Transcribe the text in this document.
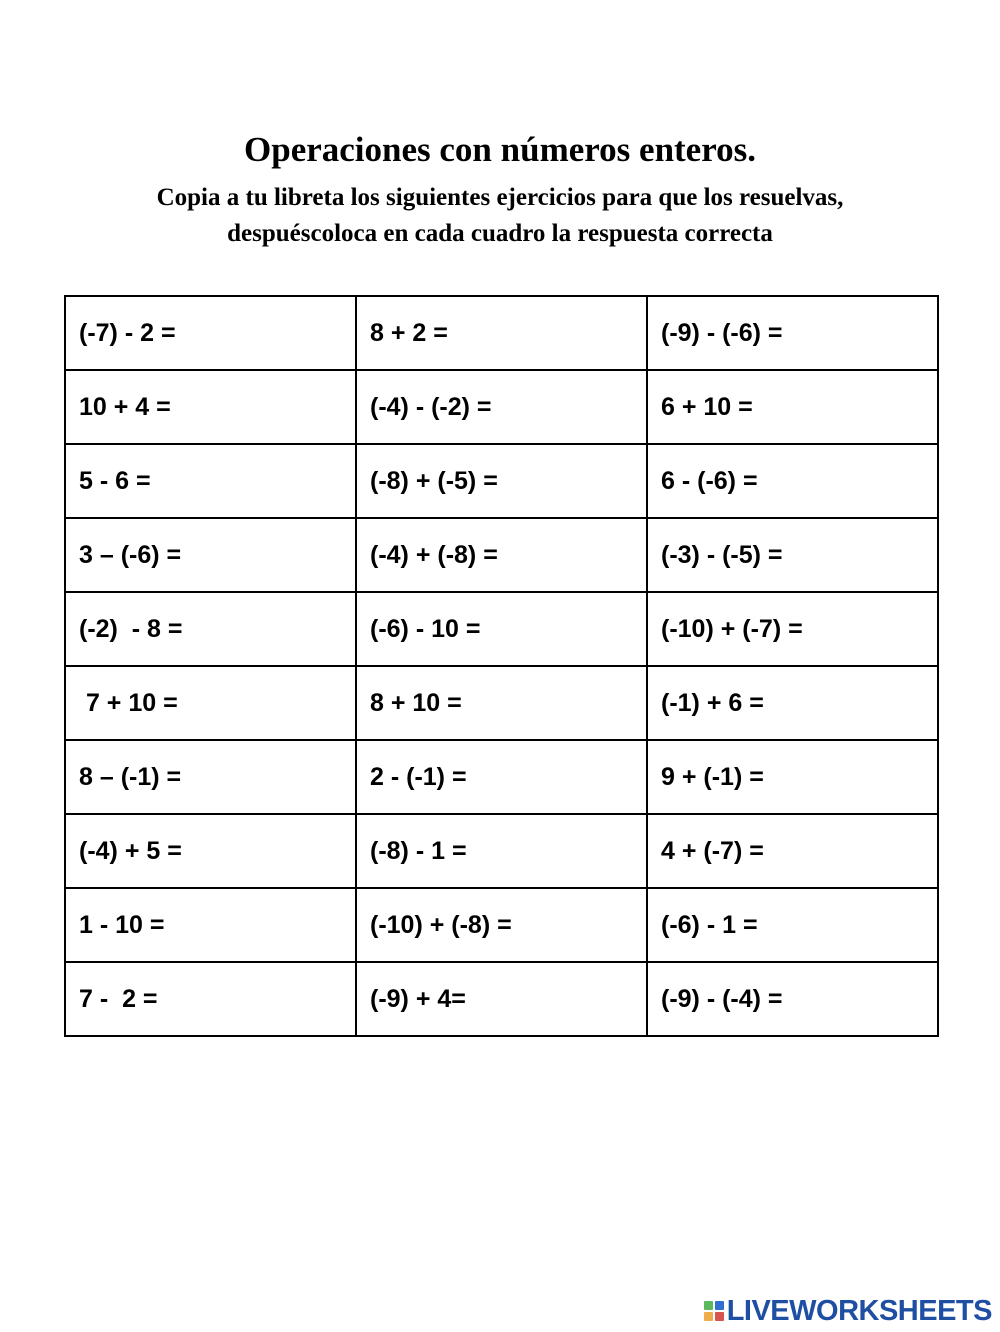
Operaciones con números enteros.
Copia a tu libreta los siguientes ejercicios para que los resuelvas,
despuéscoloca en cada cuadro la respuesta correcta
(-7) - 2 =	8 + 2 =	(-9) - (-6) =
10 + 4 =	(-4) - (-2) =	6 + 10 =
5 - 6 =	(-8) + (-5) =	6 - (-6) =
3 – (-6) =	(-4) + (-8) =	(-3) - (-5) =
(-2)  - 8 =	(-6) - 10 =	(-10) + (-7) =
7 + 10 =	8 + 10 =	(-1) + 6 =
8 – (-1) =	2 - (-1) =	9 + (-1) =
(-4) + 5 =	(-8) - 1 =	4 + (-7) =
1 - 10 =	(-10) + (-8) =	(-6) - 1 =
7 -  2 =	(-9) + 4=	(-9) - (-4) =
LIVEWORKSHEETS
